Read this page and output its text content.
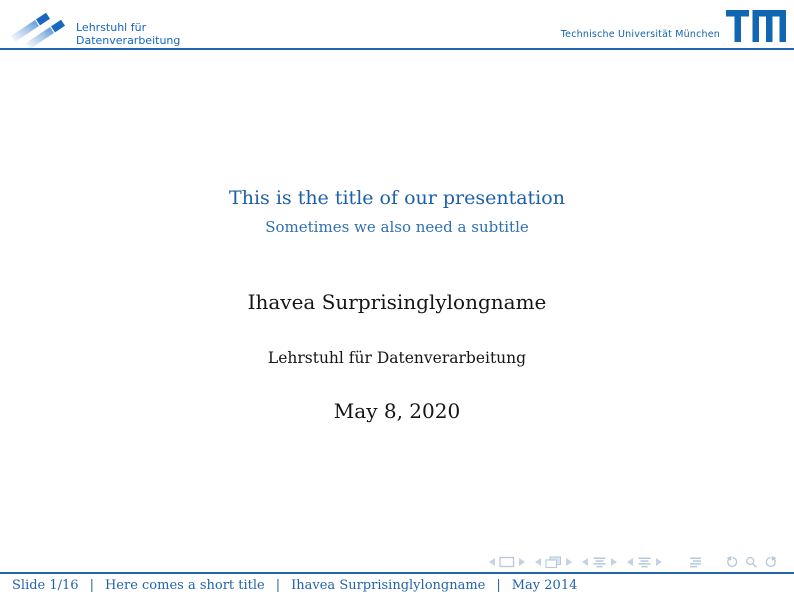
Lehrstuhl für
Datenverarbeitung	Technische Universität München
This is the title of our presentation
Sometimes we also need a subtitle
Ihavea Surprisinglylongname
Lehrstuhl für Datenverarbeitung
May 8, 2020
Slide 1/16 | Here comes a short title | Ihavea Surprisinglylongname | May 2014
